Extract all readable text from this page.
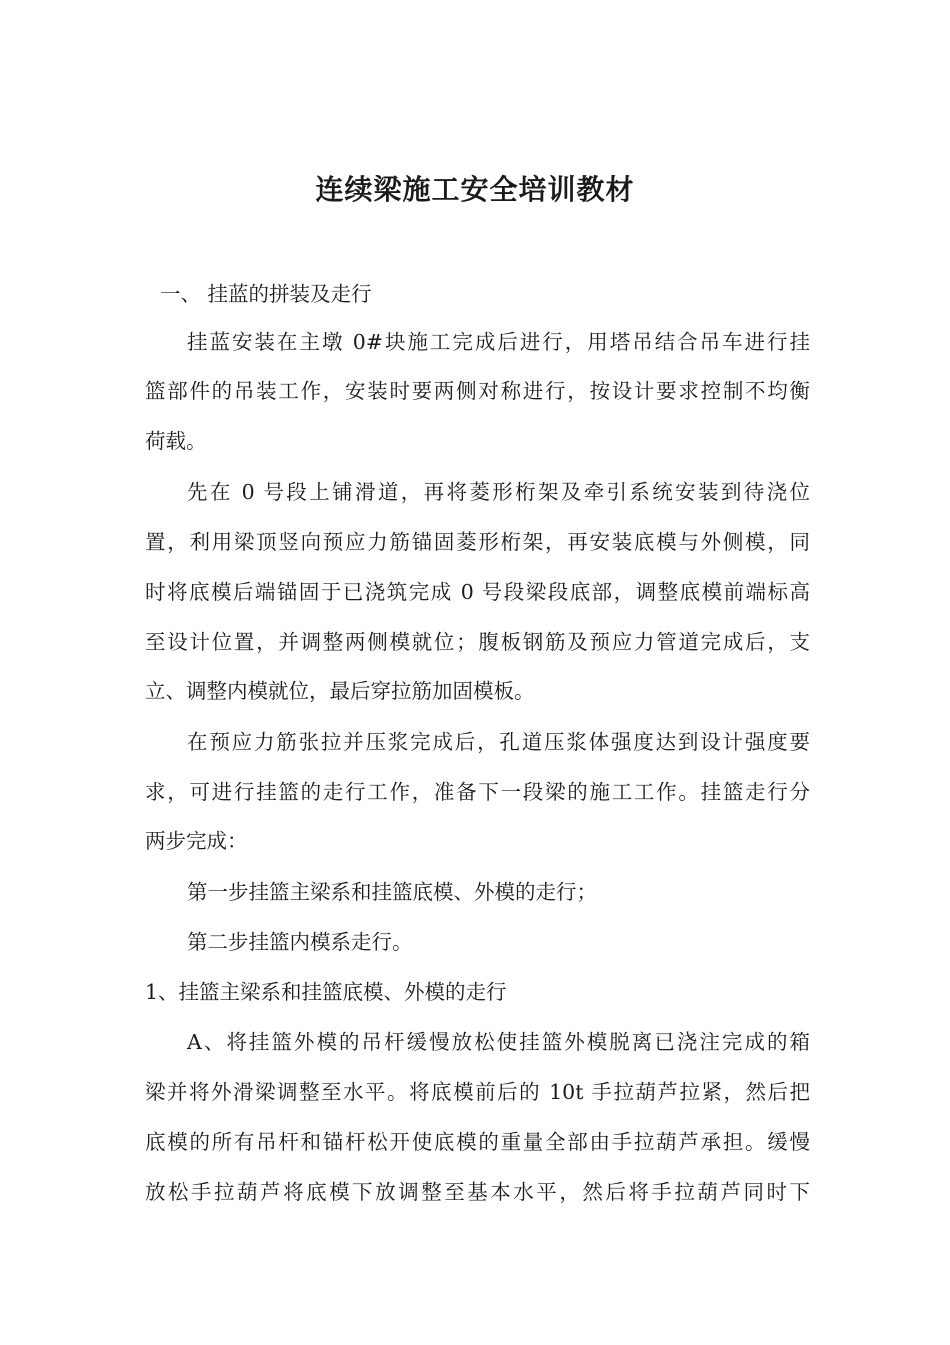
连续梁施工安全培训教材

一、 挂蓝的拼装及走行

挂蓝安装在主墩 0#块施工完成后进行，用塔吊结合吊车进行挂

篮部件的吊装工作，安装时要两侧对称进行，按设计要求控制不均衡

荷载。

先在 0 号段上铺滑道，再将菱形桁架及牵引系统安装到待浇位

置，利用梁顶竖向预应力筋锚固菱形桁架，再安装底模与外侧模，同

时将底模后端锚固于已浇筑完成 0 号段梁段底部，调整底模前端标高

至设计位置，并调整两侧模就位；腹板钢筋及预应力管道完成后，支

立、调整内模就位，最后穿拉筋加固模板。

在预应力筋张拉并压浆完成后，孔道压浆体强度达到设计强度要

求，可进行挂篮的走行工作，准备下一段梁的施工工作。挂篮走行分

两步完成：

第一步挂篮主梁系和挂篮底模、外模的走行；

第二步挂篮内模系走行。

1、挂篮主梁系和挂篮底模、外模的走行

A、将挂篮外模的吊杆缓慢放松使挂篮外模脱离已浇注完成的箱

梁并将外滑梁调整至水平。将底模前后的 10t 手拉葫芦拉紧，然后把

底模的所有吊杆和锚杆松开使底模的重量全部由手拉葫芦承担。缓慢

放松手拉葫芦将底模下放调整至基本水平，然后将手拉葫芦同时下
